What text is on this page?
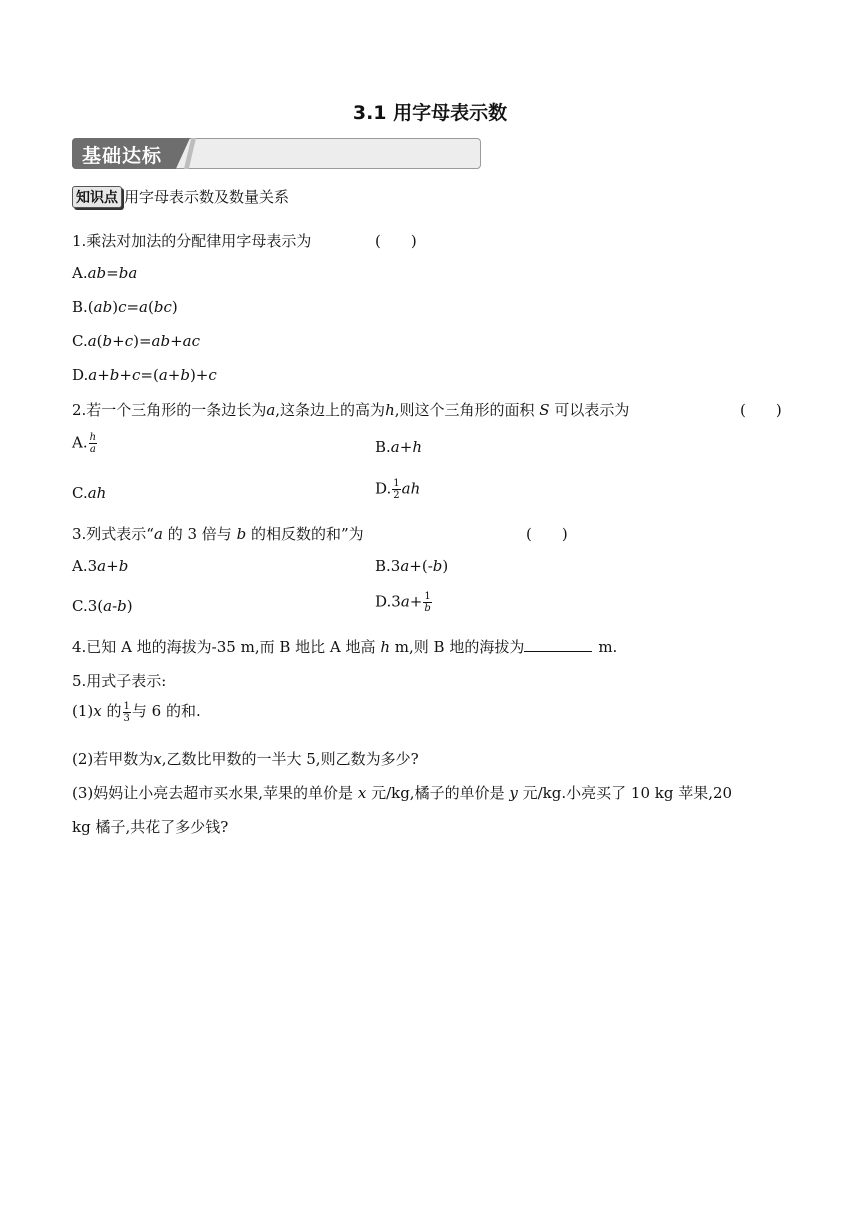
3.1 用字母表示数
基础达标
知识点 用字母表示数及数量关系
1.乘法对加法的分配律用字母表示为	(　　)
A.ab=ba
B.(ab)c=a(bc)
C.a(b+c)=ab+ac
D.a+b+c=(a+b)+c
2.若一个三角形的一条边长为a,这条边上的高为h,则这个三角形的面积 S 可以表示为	(　　)
A. $\frac{h}{a}$	B.a+h
C.ah	D. $\frac{1}{2}$ ah
3.列式表示“a 的 3 倍与 b 的相反数的和”为	(　　)
A.3a+b	B.3a+(-b)
C.3(a-b)	$D.3a+ \frac{1}{b}$
4.已知 A 地的海拔为-35 m,而 B 地比 A 地高 h m,则 B 地的海拔为	m.
5.用式子表示:
(1)x 的 $\frac{1}{3}$ 与 6 的和.
(2)若甲数为x,乙数比甲数的一半大 5,则乙数为多少?
(3)妈妈让小亮去超市买水果,苹果的单价是 x 元/kg,橘子的单价是 y 元/kg.小亮买了 10 kg 苹果,20
kg 橘子,共花了多少钱?
